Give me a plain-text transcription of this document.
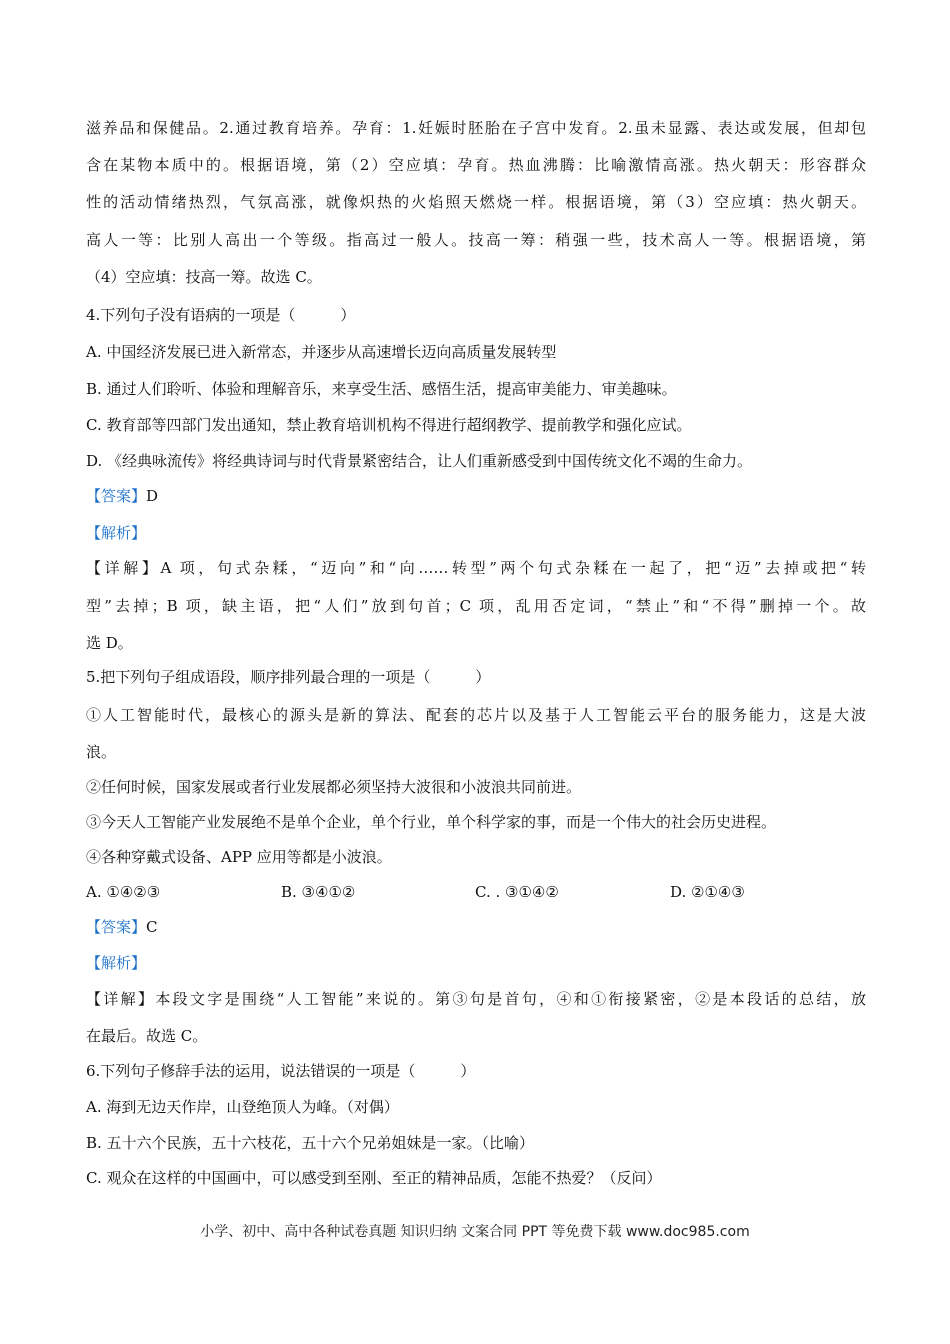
滋养品和保健品。2.通过教育培养。孕育：1.妊娠时胚胎在子宫中发育。2.虽未显露、表达或发展，但却包
含在某物本质中的。根据语境，第（2）空应填：孕育。热血沸腾：比喻激情高涨。热火朝天：形容群众
性的活动情绪热烈，气氛高涨，就像炽热的火焰照天燃烧一样。根据语境，第（3）空应填：热火朝天。
高人一等：比别人高出一个等级。指高过一般人。技高一筹：稍强一些，技术高人一等。根据语境，第
（4）空应填：技高一筹。故选 C。
4.下列句子没有语病的一项是（　　　）
A. 中国经济发展已进入新常态，并逐步从高速增长迈向高质量发展转型
B. 通过人们聆听、体验和理解音乐，来享受生活、感悟生活，提高审美能力、审美趣味。
C. 教育部等四部门发出通知，禁止教育培训机构不得进行超纲教学、提前教学和强化应试。
D. 《经典咏流传》将经典诗词与时代背景紧密结合，让人们重新感受到中国传统文化不竭的生命力。
【答案】D
【解析】
【详解】A 项，句式杂糅，“迈向”和“向……转型”两个句式杂糅在一起了，把“迈”去掉或把“转
型”去掉；B 项，缺主语，把“人们”放到句首；C 项，乱用否定词，“禁止”和“不得”删掉一个。故
选 D。
5.把下列句子组成语段，顺序排列最合理的一项是（　　　）
①人工智能时代，最核心的源头是新的算法、配套的芯片以及基于人工智能云平台的服务能力，这是大波
浪。
②任何时候，国家发展或者行业发展都必须坚持大波很和小波浪共同前进。
③今天人工智能产业发展绝不是单个企业，单个行业，单个科学家的事，而是一个伟大的社会历史进程。
④各种穿戴式设备、APP 应用等都是小波浪。
A. ①④②③	B. ③④①②	C. . ③①④②	D. ②①④③
【答案】C
【解析】
【详解】本段文字是围绕“人工智能”来说的。第③句是首句，④和①衔接紧密，②是本段话的总结，放
在最后。故选 C。
6.下列句子修辞手法的运用，说法错误的一项是（　　　）
A. 海到无边天作岸，山登绝顶人为峰。（对偶）
B. 五十六个民族，五十六枝花，五十六个兄弟姐妹是一家。（比喻）
C. 观众在这样的中国画中，可以感受到至刚、至正的精神品质，怎能不热爱？（反问）
小学、初中、高中各种试卷真题 知识归纳 文案合同 PPT 等免费下载 www.doc985.com
